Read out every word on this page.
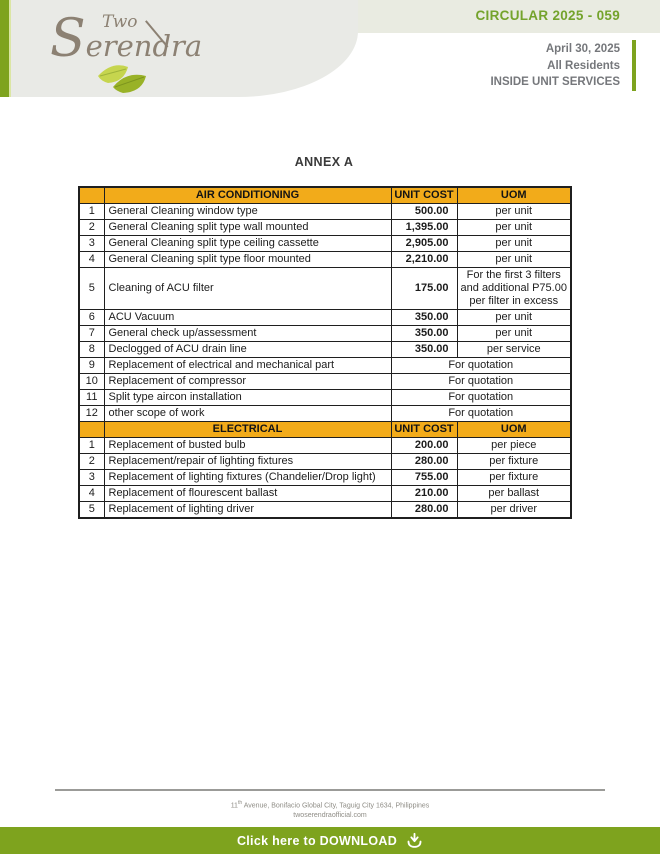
Two
Serendra
CIRCULAR 2025 - 059
April 30, 2025
All Residents
INSIDE UNIT SERVICES
ANNEX A
	AIR CONDITIONING	UNIT COST	UOM
1	General Cleaning window type	500.00	per unit
2	General Cleaning split type wall mounted	1,395.00	per unit
3	General Cleaning split type ceiling cassette	2,905.00	per unit
4	General Cleaning split type floor mounted	2,210.00	per unit
5	Cleaning of ACU filter	175.00	For the first 3 filters and additional P75.00 per filter in excess
6	ACU Vacuum	350.00	per unit
7	General check up/assessment	350.00	per unit
8	Declogged of ACU drain line	350.00	per service
9	Replacement of electrical and mechanical part	For quotation	
10	Replacement of compressor	For quotation	
11	Split type aircon installation	For quotation	
12	other scope of work	For quotation	
	ELECTRICAL	UNIT COST	UOM
1	Replacement of busted bulb	200.00	per piece
2	Replacement/repair of lighting fixtures	280.00	per fixture
3	Replacement of lighting fixtures (Chandelier/Drop light)	755.00	per fixture
4	Replacement of flourescent ballast	210.00	per ballast
5	Replacement of lighting driver	280.00	per driver
11th Avenue, Bonifacio Global City, Taguig City 1634, Philippines
twoserendraofficial.com
Click here to DOWNLOAD
